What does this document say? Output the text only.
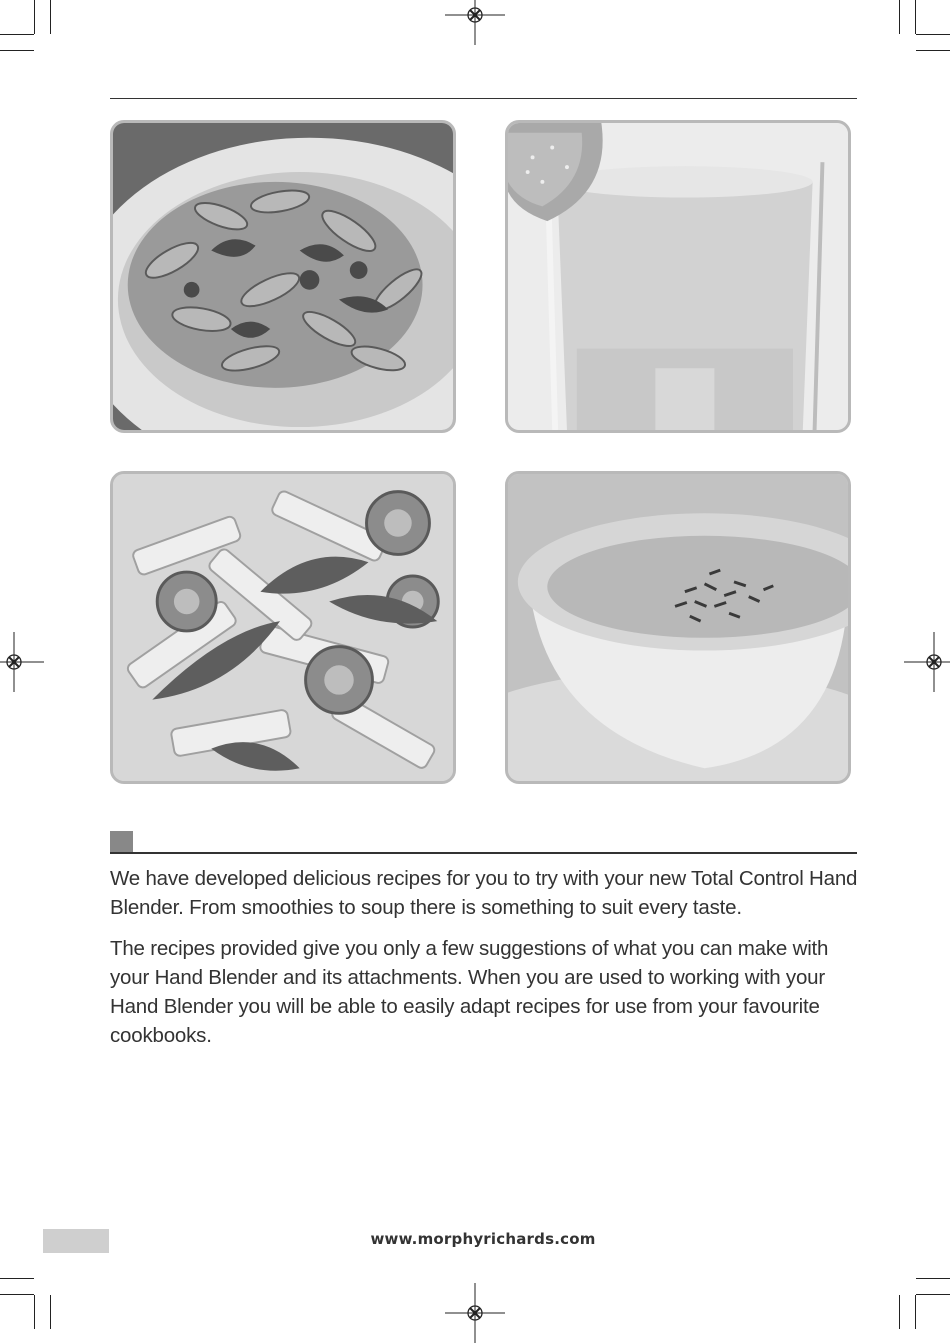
We have developed delicious recipes for you to try with your new Total Control Hand Blender. From smoothies to soup there is something to suit every taste.

The recipes provided give you only a few suggestions of what you can make with your Hand Blender and its attachments. When you are used to working with your Hand Blender you will be able to easily adapt recipes for use from your favourite cookbooks.

www.morphyrichards.com
